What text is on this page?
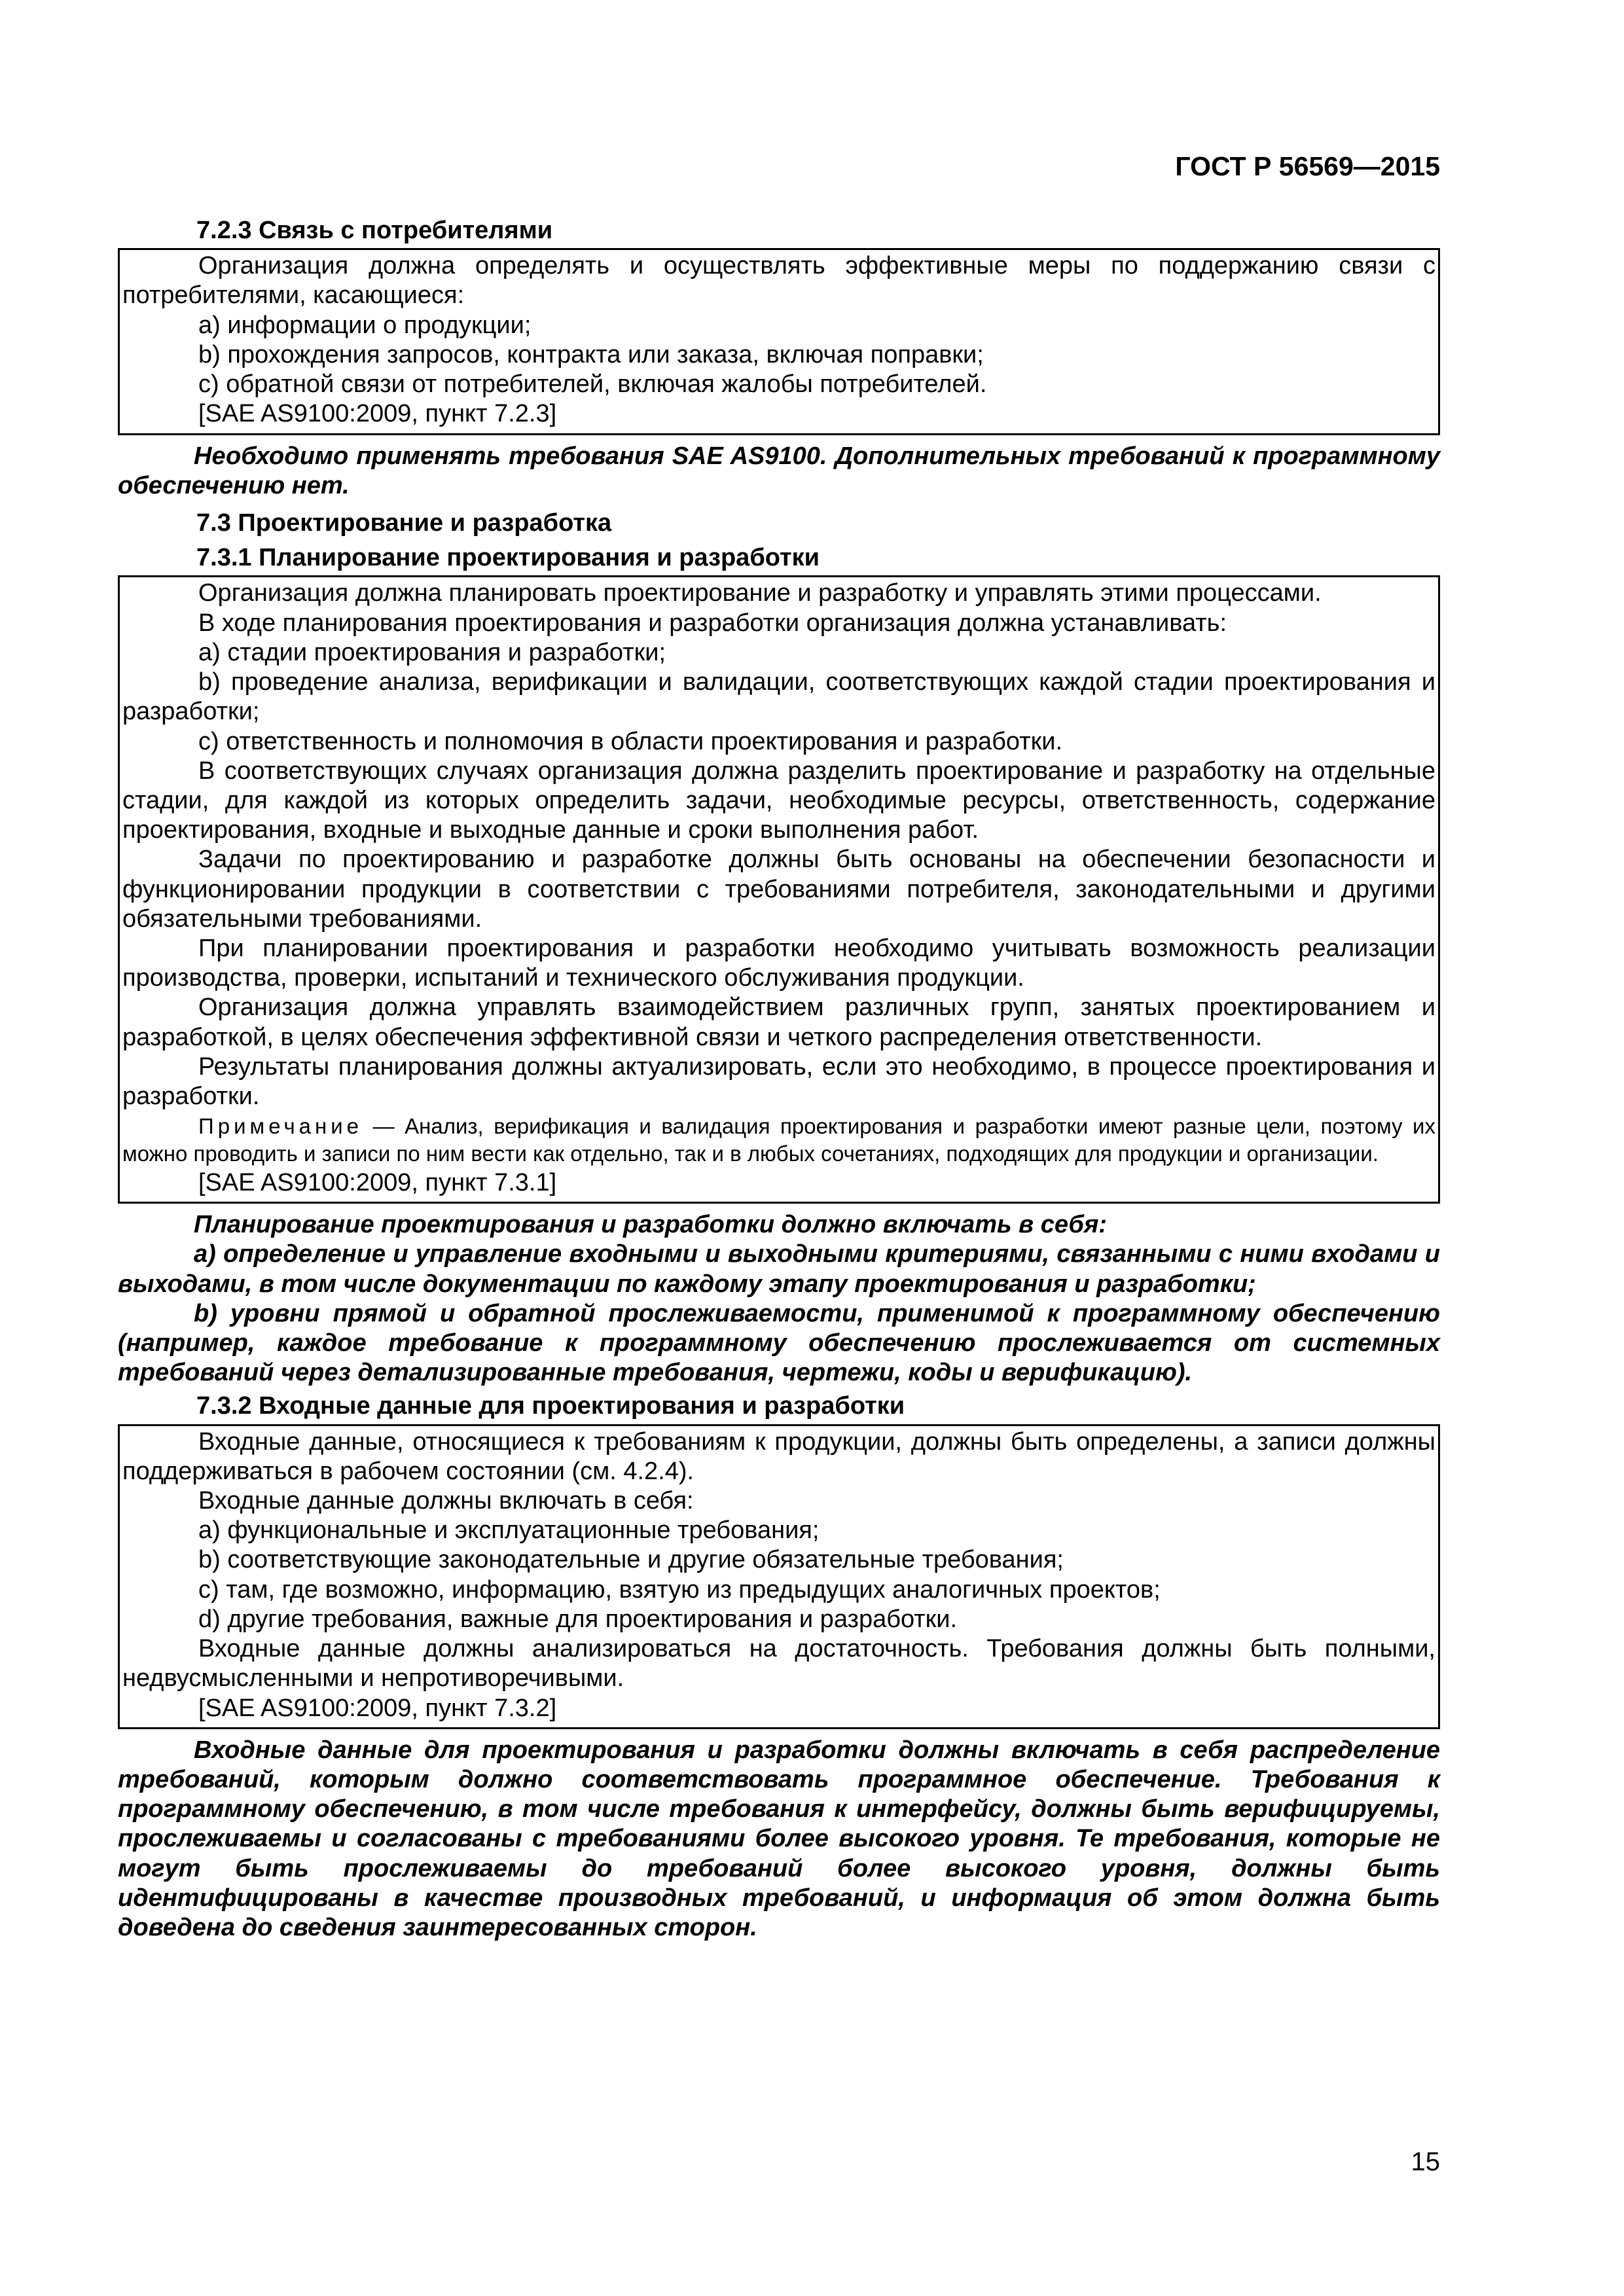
ГОСТ Р 56569—2015

7.2.3 Связь с потребителями

Организация должна определять и осуществлять эффективные меры по поддержанию связи с потребителями, касающиеся:

a) информации о продукции;

b) прохождения запросов, контракта или заказа, включая поправки;

c) обратной связи от потребителей, включая жалобы потребителей.

[SAE AS9100:2009, пункт 7.2.3]

Необходимо применять требования SAE AS9100. Дополнительных требований к программному обеспечению нет.

7.3 Проектирование и разработка

7.3.1 Планирование проектирования и разработки

Организация должна планировать проектирование и разработку и управлять этими процессами.

В ходе планирования проектирования и разработки организация должна устанавливать:

a) стадии проектирования и разработки;

b) проведение анализа, верификации и валидации, соответствующих каждой стадии проектирования и разработки;

c) ответственность и полномочия в области проектирования и разработки.

В соответствующих случаях организация должна разделить проектирование и разработку на отдельные стадии, для каждой из которых определить задачи, необходимые ресурсы, ответственность, содержание проектирования, входные и выходные данные и сроки выполнения работ.

Задачи по проектированию и разработке должны быть основаны на обеспечении безопасности и функционировании продукции в соответствии с требованиями потребителя, законодательными и другими обязательными требованиями.

При планировании проектирования и разработки необходимо учитывать возможность реализации производства, проверки, испытаний и технического обслуживания продукции.

Организация должна управлять взаимодействием различных групп, занятых проектированием и разработкой, в целях обеспечения эффективной связи и четкого распределения ответственности.

Результаты планирования должны актуализировать, если это необходимо, в процессе проектирования и разработки.

Примечание — Анализ, верификация и валидация проектирования и разработки имеют разные цели, поэтому их можно проводить и записи по ним вести как отдельно, так и в любых сочетаниях, подходящих для продукции и организации.

[SAE AS9100:2009, пункт 7.3.1]

Планирование проектирования и разработки должно включать в себя:

a) определение и управление входными и выходными критериями, связанными с ними входами и выходами, в том числе документации по каждому этапу проектирования и разработки;

b) уровни прямой и обратной прослеживаемости, применимой к программному обеспечению (например, каждое требование к программному обеспечению прослеживается от системных требований через детализированные требования, чертежи, коды и верификацию).

7.3.2 Входные данные для проектирования и разработки

Входные данные, относящиеся к требованиям к продукции, должны быть определены, а записи должны поддерживаться в рабочем состоянии (см. 4.2.4).

Входные данные должны включать в себя:

a) функциональные и эксплуатационные требования;

b) соответствующие законодательные и другие обязательные требования;

c) там, где возможно, информацию, взятую из предыдущих аналогичных проектов;

d) другие требования, важные для проектирования и разработки.

Входные данные должны анализироваться на достаточность. Требования должны быть полными, недвусмысленными и непротиворечивыми.

[SAE AS9100:2009, пункт 7.3.2]

Входные данные для проектирования и разработки должны включать в себя распределение требований, которым должно соответствовать программное обеспечение. Требования к программному обеспечению, в том числе требования к интерфейсу, должны быть верифицируемы, прослеживаемы и согласованы с требованиями более высокого уровня. Те требования, которые не могут быть прослеживаемы до требований более высокого уровня, должны быть идентифицированы в качестве производных требований, и информация об этом должна быть доведена до сведения заинтересованных сторон.

15
